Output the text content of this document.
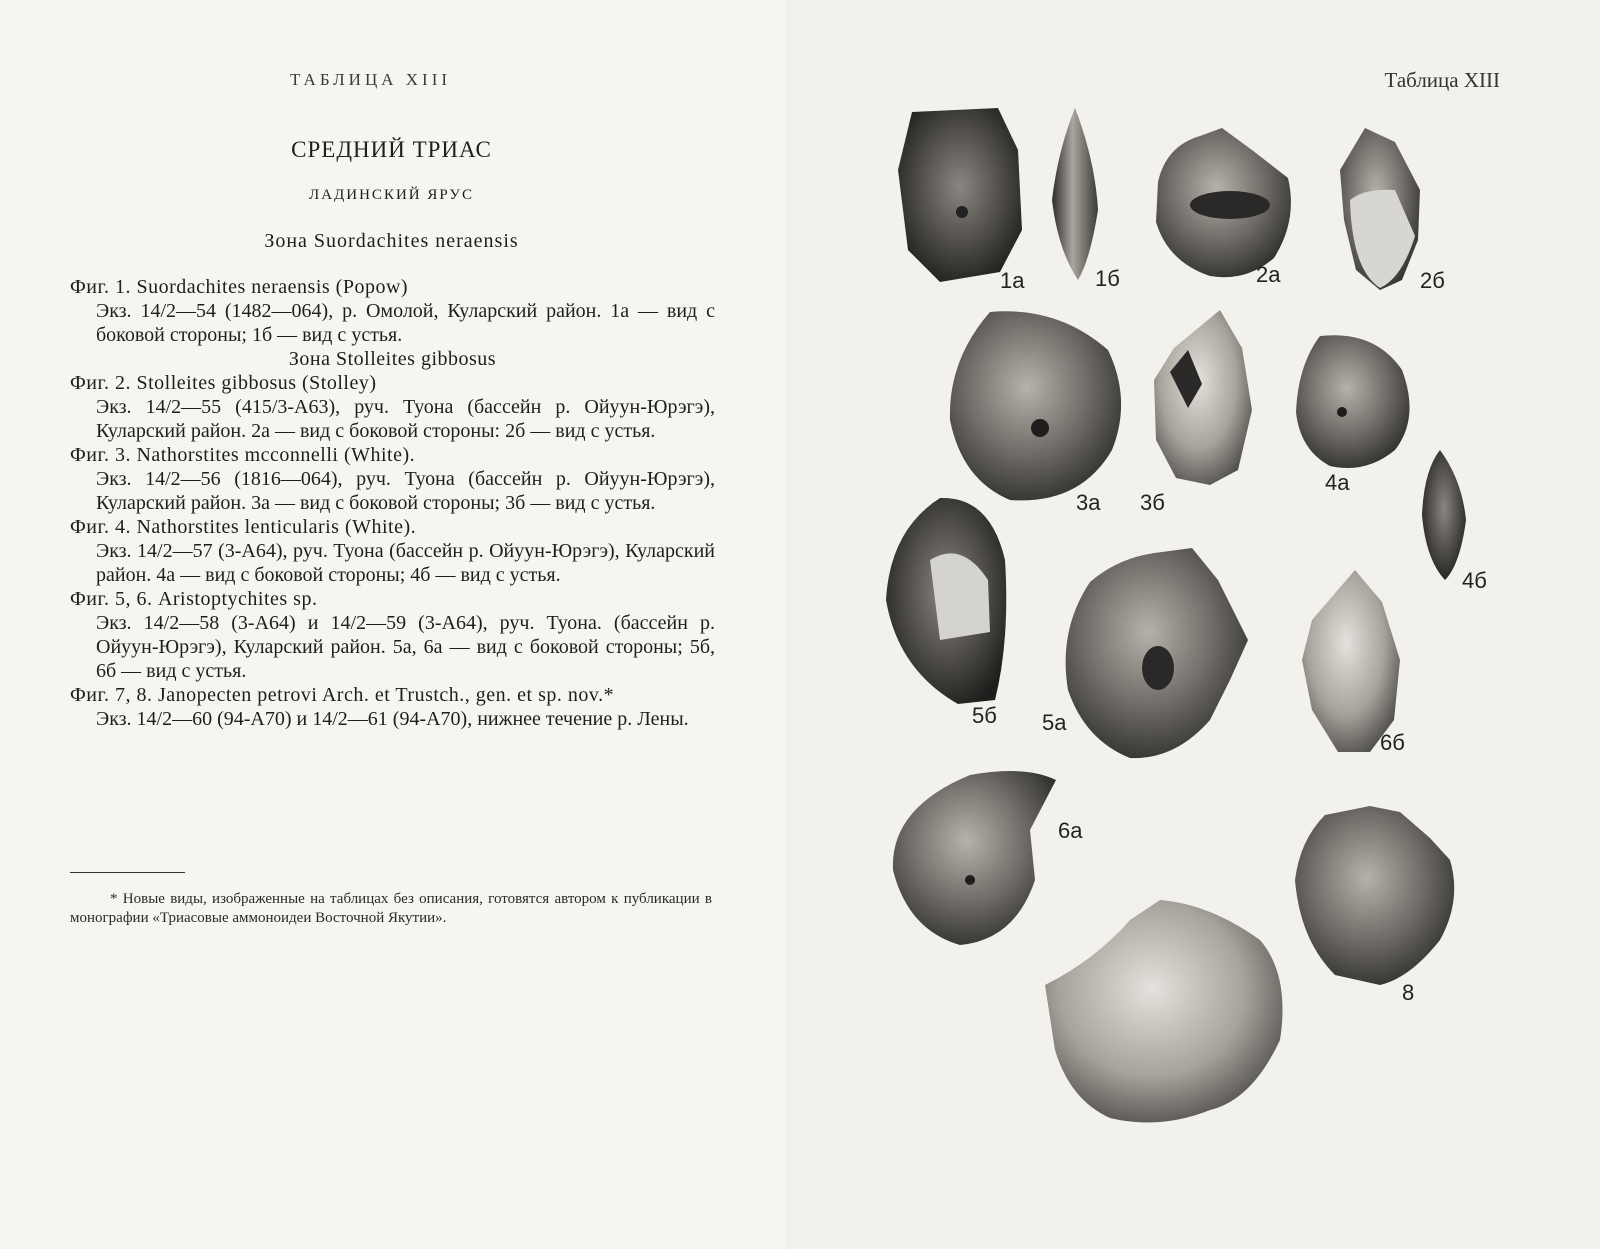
ТАБЛИЦА XIII
СРЕДНИЙ ТРИАС
ЛАДИНСКИЙ ЯРУС
Зона Suordachites neraensis
Фиг. 1. Suordachites neraensis (Popow)
Экз. 14/2—54 (1482—064), р. Омолой, Куларский район. 1а — вид с боковой стороны; 1б — вид с устья.
Зона Stolleites gibbosus
Фиг. 2. Stolleites gibbosus (Stolley)
Экз. 14/2—55 (415/3-А63), руч. Туона (бассейн р. Ойуун-Юрэгэ), Куларский район. 2а — вид с боковой стороны: 2б — вид с устья.
Фиг. 3. Nathorstites mcconnelli (White).
Экз. 14/2—56 (1816—064), руч. Туона (бассейн р. Ойуун-Юрэгэ), Куларский район. 3а — вид с боковой стороны; 3б — вид с устья.
Фиг. 4. Nathorstites lenticularis (White).
Экз. 14/2—57 (3-А64), руч. Туона (бассейн р. Ойуун-Юрэгэ), Куларский район. 4а — вид с боковой стороны; 4б — вид с устья.
Фиг. 5, 6. Aristoptychites sp.
Экз. 14/2—58 (3-А64) и 14/2—59 (3-А64), руч. Туона. (бассейн р. Ойуун-Юрэгэ), Куларский район. 5а, 6а — вид с боковой стороны; 5б, 6б — вид с устья.
Фиг. 7, 8. Janopecten petrovi Arch. et Trustch., gen. et sp. nov.*
Экз. 14/2—60 (94-А70) и 14/2—61 (94-А70), нижнее течение р. Лены.
* Новые виды, изображенные на таблицах без описания, готовятся автором к публикации в монографии «Триасовые аммоноидеи Восточной Якутии».
Таблица XIII
1а	1б	2а	2б
3а 3б
4а
4б
5б 5а
6б
6а
8
